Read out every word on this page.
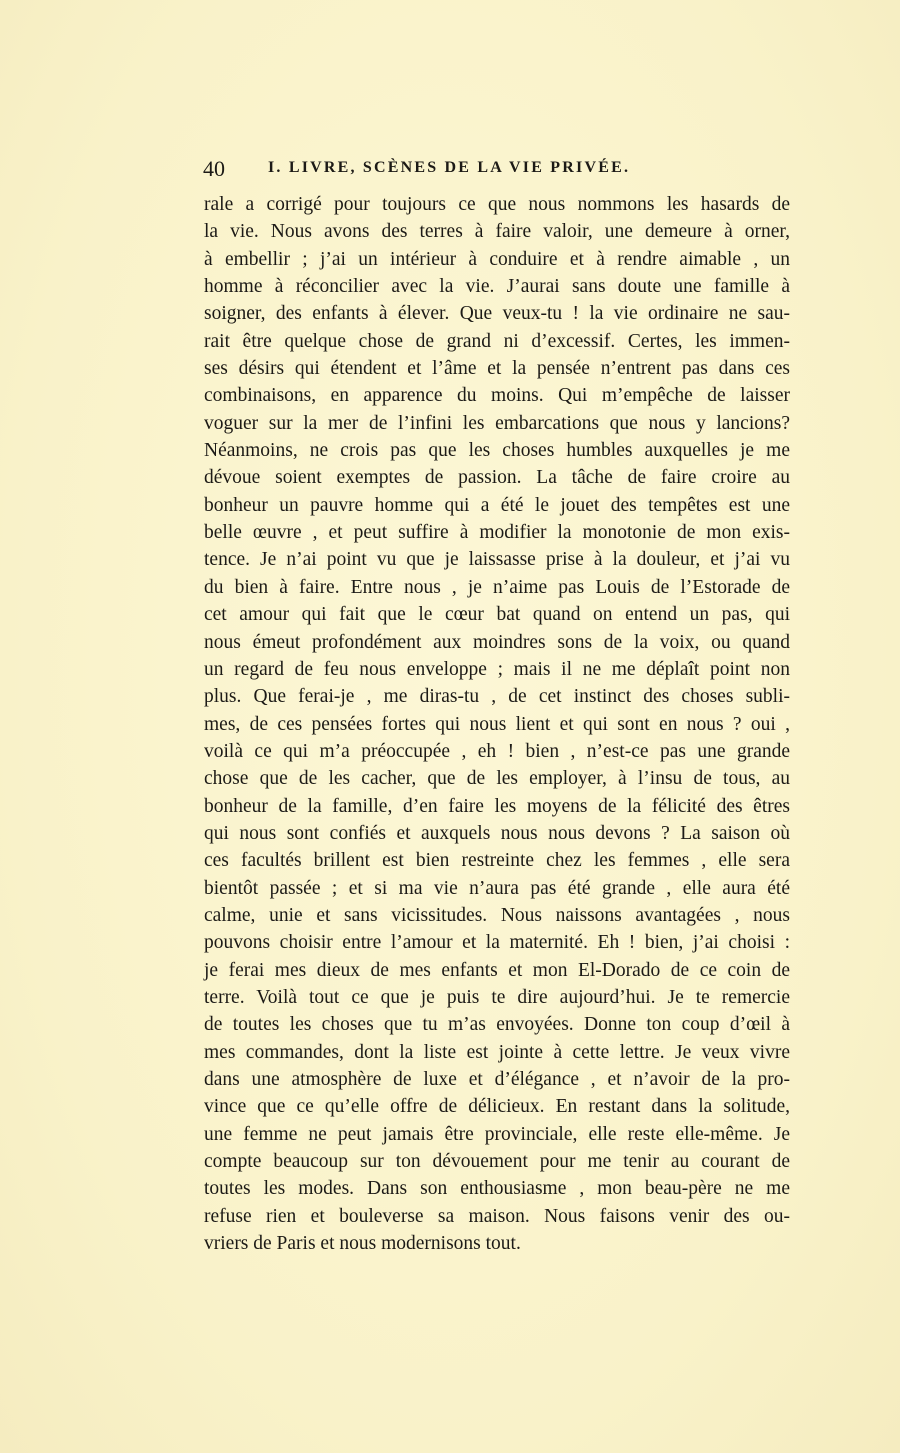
40	I. LIVRE, SCÈNES DE LA VIE PRIVÉE.
rale a corrigé pour toujours ce que nous nommons les hasards de
la vie. Nous avons des terres à faire valoir, une demeure à orner,
à embellir ; j’ai un intérieur à conduire et à rendre aimable , un
homme à réconcilier avec la vie. J’aurai sans doute une famille à
soigner, des enfants à élever. Que veux-tu ! la vie ordinaire ne sau-
rait être quelque chose de grand ni d’excessif. Certes, les immen-
ses désirs qui étendent et l’âme et la pensée n’entrent pas dans ces
combinaisons, en apparence du moins. Qui m’empêche de laisser
voguer sur la mer de l’infini les embarcations que nous y lancions?
Néanmoins, ne crois pas que les choses humbles auxquelles je me
dévoue soient exemptes de passion. La tâche de faire croire au
bonheur un pauvre homme qui a été le jouet des tempêtes est une
belle œuvre , et peut suffire à modifier la monotonie de mon exis-
tence. Je n’ai point vu que je laissasse prise à la douleur, et j’ai vu
du bien à faire. Entre nous , je n’aime pas Louis de l’Estorade de
cet amour qui fait que le cœur bat quand on entend un pas, qui
nous émeut profondément aux moindres sons de la voix, ou quand
un regard de feu nous enveloppe ; mais il ne me déplaît point non
plus. Que ferai-je , me diras-tu , de cet instinct des choses subli-
mes, de ces pensées fortes qui nous lient et qui sont en nous ? oui ,
voilà ce qui m’a préoccupée , eh ! bien , n’est-ce pas une grande
chose que de les cacher, que de les employer, à l’insu de tous, au
bonheur de la famille, d’en faire les moyens de la félicité des êtres
qui nous sont confiés et auxquels nous nous devons ? La saison où
ces facultés brillent est bien restreinte chez les femmes , elle sera
bientôt passée ; et si ma vie n’aura pas été grande , elle aura été
calme, unie et sans vicissitudes. Nous naissons avantagées , nous
pouvons choisir entre l’amour et la maternité. Eh ! bien, j’ai choisi :
je ferai mes dieux de mes enfants et mon El-Dorado de ce coin de
terre. Voilà tout ce que je puis te dire aujourd’hui. Je te remercie
de toutes les choses que tu m’as envoyées. Donne ton coup d’œil à
mes commandes, dont la liste est jointe à cette lettre. Je veux vivre
dans une atmosphère de luxe et d’élégance , et n’avoir de la pro-
vince que ce qu’elle offre de délicieux. En restant dans la solitude,
une femme ne peut jamais être provinciale, elle reste elle-même. Je
compte beaucoup sur ton dévouement pour me tenir au courant de
toutes les modes. Dans son enthousiasme , mon beau-père ne me
refuse rien et bouleverse sa maison. Nous faisons venir des ou-
vriers de Paris et nous modernisons tout.
